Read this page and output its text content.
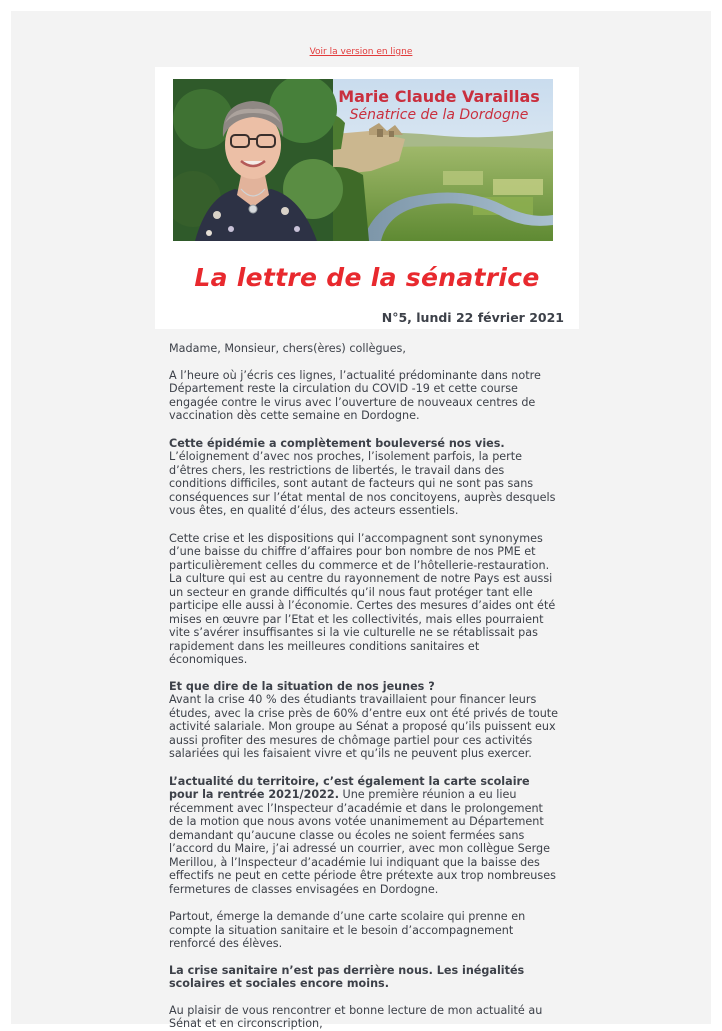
Voir la version en ligne
Marie Claude Varaillas
Sénatrice de la Dordogne
La lettre de la sénatrice
N°5, lundi 22 février 2021

Madame, Monsieur, chers(ères) collègues,

A l’heure où j’écris ces lignes, l’actualité prédominante dans notre Département reste la circulation du COVID -19 et cette course engagée contre le virus avec l’ouverture de nouveaux centres de vaccination dès cette semaine en Dordogne.

Cette épidémie a complètement bouleversé nos vies.
L’éloignement d’avec nos proches, l’isolement parfois, la perte d’êtres chers, les restrictions de libertés, le travail dans des conditions difficiles, sont autant de facteurs qui ne sont pas sans conséquences sur l’état mental de nos concitoyens, auprès desquels vous êtes, en qualité d’élus, des acteurs essentiels.

Cette crise et les dispositions qui l’accompagnent sont synonymes d’une baisse du chiffre d’affaires pour bon nombre de nos PME et particulièrement celles du commerce et de l’hôtellerie-restauration. La culture qui est au centre du rayonnement de notre Pays est aussi un secteur en grande difficultés qu’il nous faut protéger tant elle participe elle aussi à l’économie. Certes des mesures d’aides ont été mises en œuvre par l’Etat et les collectivités, mais elles pourraient vite s’avérer insuffisantes si la vie culturelle ne se rétablissait pas rapidement dans les meilleures conditions sanitaires et économiques.

Et que dire de la situation de nos jeunes ?
Avant la crise 40 % des étudiants travaillaient pour financer leurs études, avec la crise près de 60% d’entre eux ont été privés de toute activité salariale. Mon groupe au Sénat a proposé qu’ils puissent eux aussi profiter des mesures de chômage partiel pour ces activités salariées qui les faisaient vivre et qu’ils ne peuvent plus exercer.

L’actualité du territoire, c’est également la carte scolaire pour la rentrée 2021/2022. Une première réunion a eu lieu récemment avec l’Inspecteur d’académie et dans le prolongement de la motion que nous avons votée unanimement au Département demandant qu’aucune classe ou écoles ne soient fermées sans l’accord du Maire, j’ai adressé un courrier, avec mon collègue Serge Merillou, à l’Inspecteur d’académie lui indiquant que la baisse des effectifs ne peut en cette période être prétexte aux trop nombreuses fermetures de classes envisagées en Dordogne.

Partout, émerge la demande d’une carte scolaire qui prenne en compte la situation sanitaire et le besoin d’accompagnement renforcé des élèves.

La crise sanitaire n’est pas derrière nous. Les inégalités scolaires et sociales encore moins.

Au plaisir de vous rencontrer et bonne lecture de mon actualité au Sénat et en circonscription,
